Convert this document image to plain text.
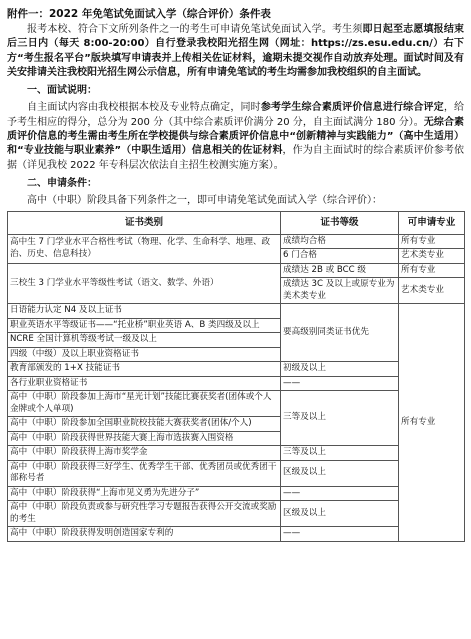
附件一：2022 年免笔试免面试入学（综合评价）条件表

报考本校、符合下文所列条件之一的考生可申请免笔试免面试入学。考生须即日起至志愿填报结束后三日内（每天 8:00-20:00）自行登录我校阳光招生网（网址：https://zs.esu.edu.cn/）右下方“考生报名平台”版块填写申请表并上传相关佐证材料，逾期未提交视作自动放弃处理。面试时间及有关安排请关注我校阳光招生网公示信息，所有申请免笔试的考生均需参加我校组织的自主面试。

一、面试说明：

自主面试内容由我校根据本校及专业特点确定，同时参考学生综合素质评价信息进行综合评定，给予考生相应的得分，总分为 200 分（其中综合素质评价满分 20 分，自主面试满分 180 分）。无综合素质评价信息的考生需由考生所在学校提供与综合素质评价信息中“创新精神与实践能力”（高中生适用）和“专业技能与职业素养”（中职生适用）信息相关的佐证材料，作为自主面试时的综合素质评价参考依据（详见我校 2022 年专科层次依法自主招生校测实施方案）。

二、申请条件：

高中（中职）阶段具备下列条件之一，即可申请免笔试免面试入学（综合评价）：

证书类别	证书等级	可申请专业
高中生 7 门学业水平合格性考试（物理、化学、生命科学、地理、政治、历史、信息科技）	成绩均合格	所有专业
	6 门合格	艺术类专业
三校生 3 门学业水平等级性考试（语文、数学、外语）	成绩达 2B 或 BCC 级	所有专业
	成绩达 3C 及以上或原专业为美术类专业	艺术类专业
日语能力认定 N4 及以上证书	要高级别同类证书优先	所有专业
职业英语水平等级证书——“托业桥”职业英语 A、B 类四级及以上		
NCRE 全国计算机等级考试一级及以上		
四级（中级）及以上职业资格证书		
教育部颁发的 1+X 技能证书	初级及以上	
各行业职业资格证书	——	
高中（中职）阶段参加上海市“星光计划”技能比赛获奖者(团体或个人金牌或个人单项)	三等及以上	
高中（中职）阶段参加全国职业院校技能大赛获奖者(团体/个人)		
高中（中职）阶段获得世界技能大赛上海市选拔赛入围资格		
高中（中职）阶段获得上海市奖学金	三等及以上	
高中（中职）阶段获得三好学生、优秀学生干部、优秀团员或优秀团干部称号者	区级及以上	
高中（中职）阶段获得“上海市见义勇为先进分子”	——	
高中（中职）阶段负责或参与研究性学习专题报告获得公开交流或奖励的考生	区级及以上	
高中（中职）阶段获得发明创造国家专利的	——	
